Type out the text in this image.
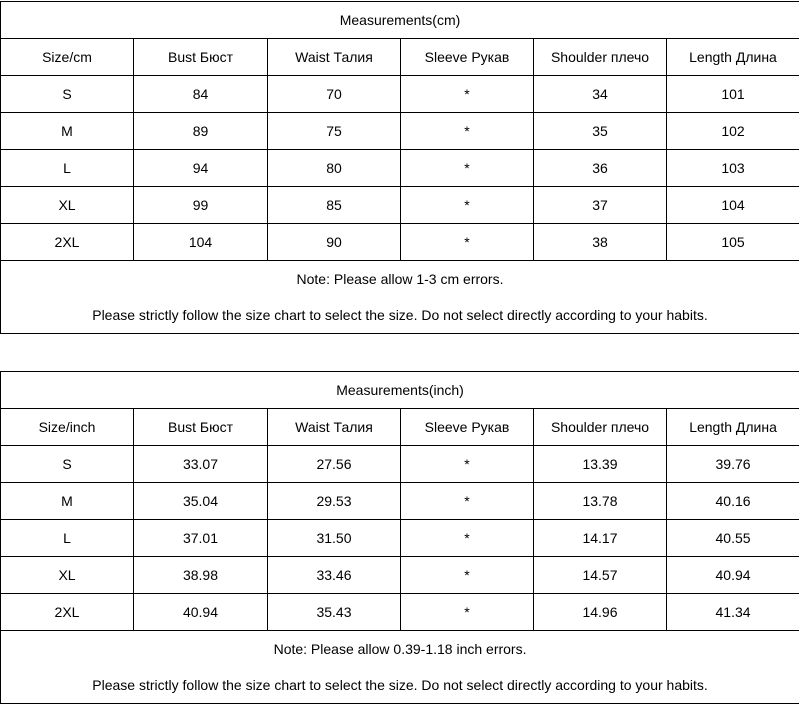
Measurements(cm)					
Size/cm	Bust Бюст	Waist Талия	Sleeve Рукав	Shoulder плечо	Length Длина
S	84	70	*	34	101
M	89	75	*	35	102
L	94	80	*	36	103
XL	99	85	*	37	104
2XL	104	90	*	38	105
Note: Please allow 1-3 cm errors.					
Please strictly follow the size chart to select the size. Do not select directly according to your habits.					
Measurements(inch)					
Size/inch	Bust Бюст	Waist Талия	Sleeve Рукав	Shoulder плечо	Length Длина
S	33.07	27.56	*	13.39	39.76
M	35.04	29.53	*	13.78	40.16
L	37.01	31.50	*	14.17	40.55
XL	38.98	33.46	*	14.57	40.94
2XL	40.94	35.43	*	14.96	41.34
Note: Please allow 0.39-1.18 inch errors.					
Please strictly follow the size chart to select the size. Do not select directly according to your habits.					
